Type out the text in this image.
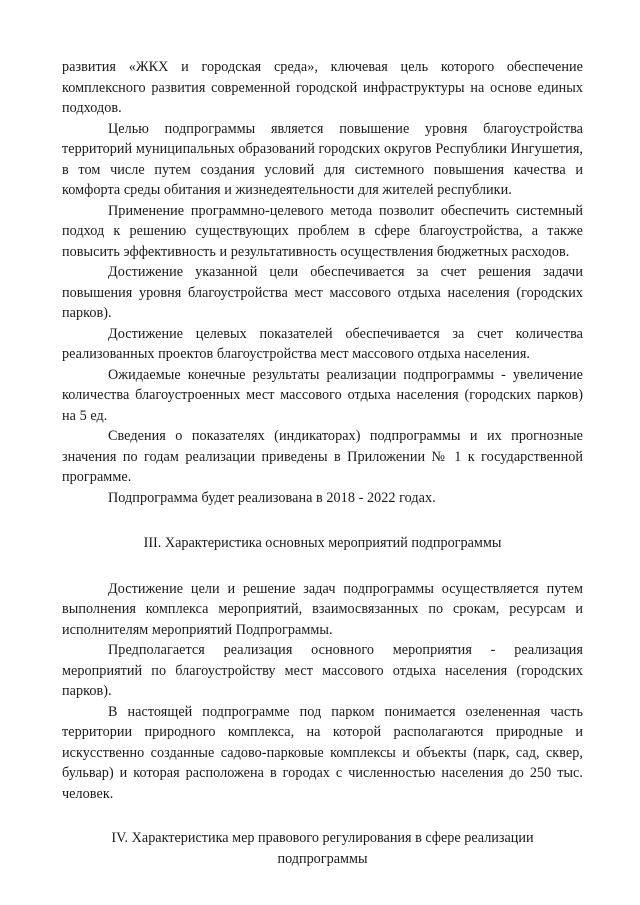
развития «ЖКХ и городская среда», ключевая цель которого обеспечение комплексного развития современной городской инфраструктуры на основе единых подходов.

Целью подпрограммы является повышение уровня благоустройства территорий муниципальных образований городских округов Республики Ингушетия, в том числе путем создания условий для системного повышения качества и комфорта среды обитания и жизнедеятельности для жителей республики.

Применение программно-целевого метода позволит обеспечить системный подход к решению существующих проблем в сфере благоустройства, а также повысить эффективность и результативность осуществления бюджетных расходов.

Достижение указанной цели обеспечивается за счет решения задачи повышения уровня благоустройства мест массового отдыха населения (городских парков).

Достижение целевых показателей обеспечивается за счет количества реализованных проектов благоустройства мест массового отдыха населения.

Ожидаемые конечные результаты реализации подпрограммы - увеличение количества благоустроенных мест массового отдыха населения (городских парков) на 5 ед.

Сведения о показателях (индикаторах) подпрограммы и их прогнозные значения по годам реализации приведены в Приложении № 1 к государственной программе.

Подпрограмма будет реализована в 2018 - 2022 годах.

III. Характеристика основных мероприятий подпрограммы

Достижение цели и решение задач подпрограммы осуществляется путем выполнения комплекса мероприятий, взаимосвязанных по срокам, ресурсам и исполнителям мероприятий Подпрограммы.

Предполагается реализация основного мероприятия - реализация мероприятий по благоустройству мест массового отдыха населения (городских парков).

В настоящей подпрограмме под парком понимается озелененная часть территории природного комплекса, на которой располагаются природные и искусственно созданные садово-парковые комплексы и объекты (парк, сад, сквер, бульвар) и которая расположена в городах с численностью населения до 250 тыс. человек.

IV. Характеристика мер правового регулирования в сфере реализации
подпрограммы
